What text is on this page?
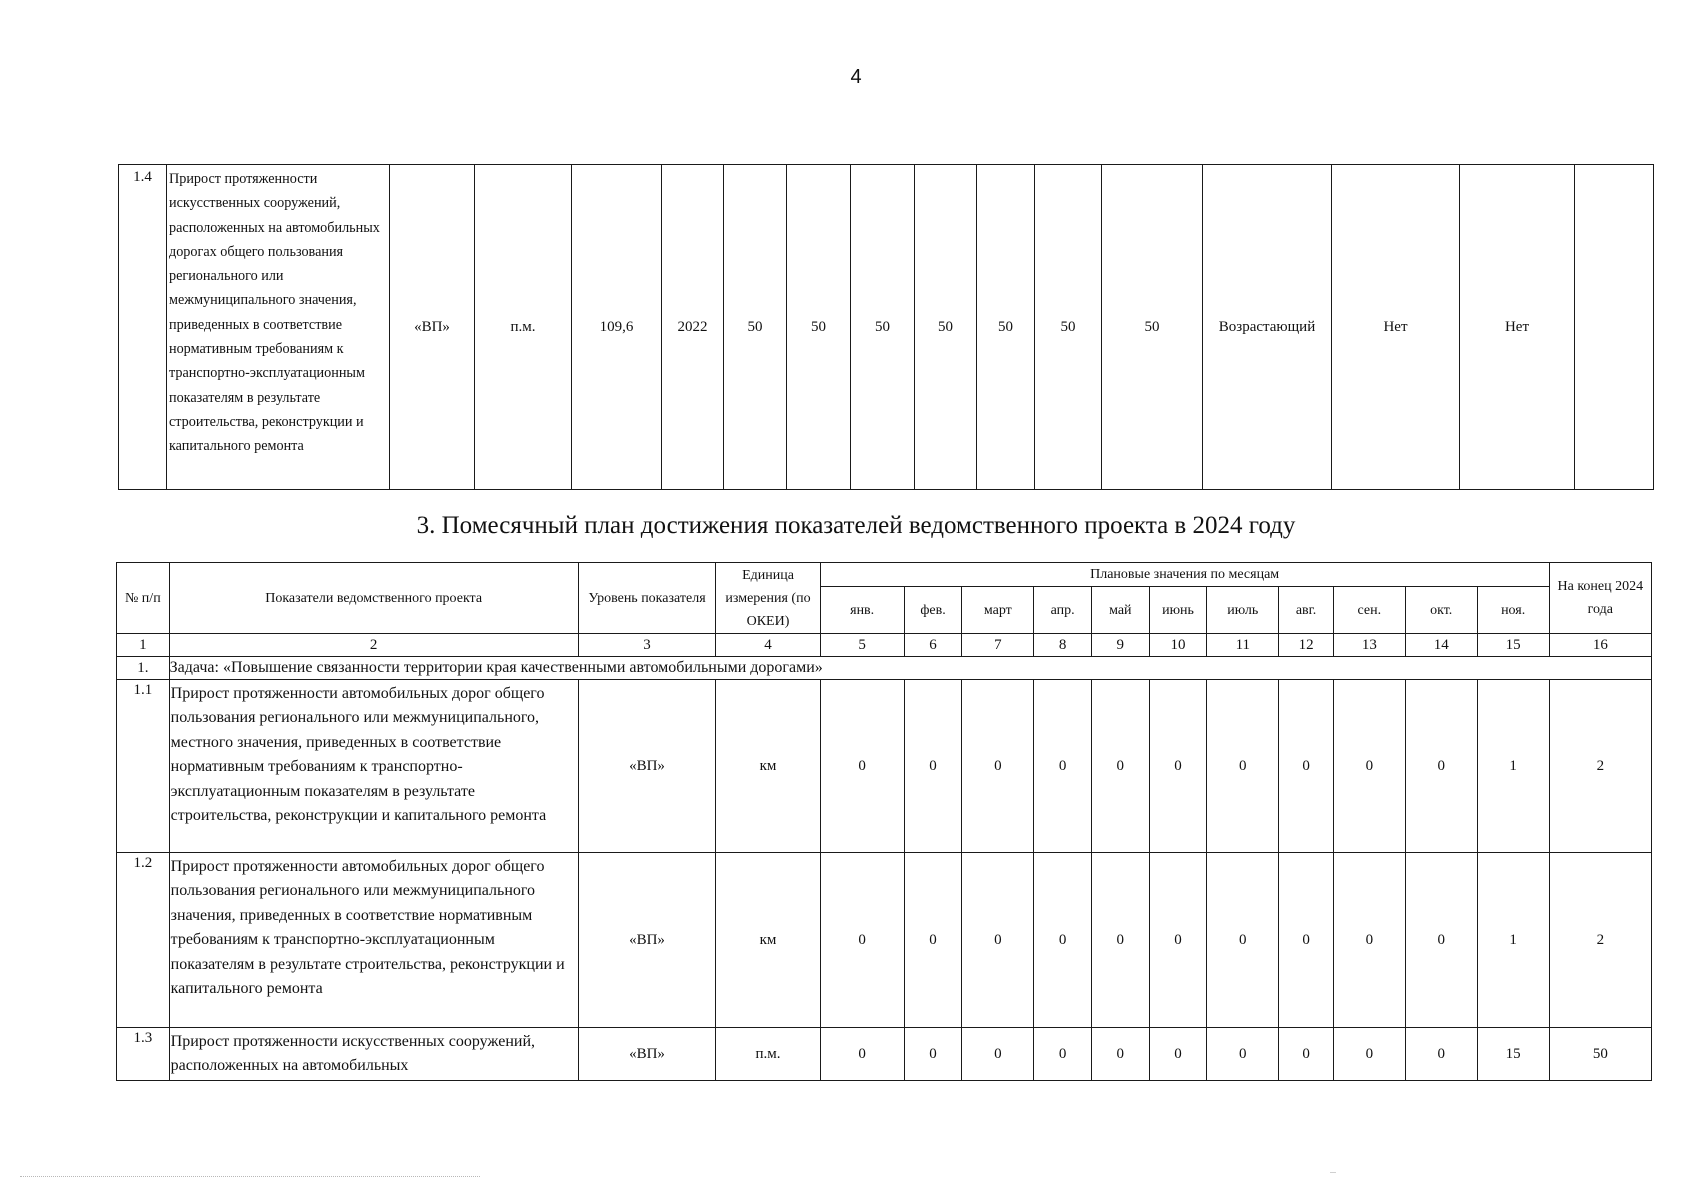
4
1.4	Прирост протяженности искусственных сооружений, расположенных на автомобильных дорогах общего пользования регионального или межмуниципального значения, приведенных в соответствие нормативным требованиям к транспортно-эксплуатационным показателям в результате строительства, реконструкции и капитального ремонта	«ВП»	п.м.	109,6	2022	50	50	50	50	50	50	50	Возрастающий	Нет	Нет	
3. Помесячный план достижения показателей ведомственного проекта в 2024 году
№ п/п	Показатели ведомственного проекта	Уровень показателя	Единица измерения (по ОКЕИ)	Плановые значения по месяцам											На конец 2024 года
				янв.	фев.	март	апр.	май	июнь	июль	авг.	сен.	окт.	ноя.	
1	2	3	4	5	6	7	8	9	10	11	12	13	14	15	16
1.	Задача: «Повышение связанности территории края качественными автомобильными дорогами»														
1.1	Прирост протяженности автомобильных дорог общего пользования регионального или межмуниципального, местного значения, приведенных в соответствие нормативным требованиям к транспортно-эксплуатационным показателям в результате строительства, реконструкции и капитального ремонта	«ВП»	км	0	0	0	0	0	0	0	0	0	0	1	2
1.2	Прирост протяженности автомобильных дорог общего пользования регионального или межмуниципального значения, приведенных в соответствие нормативным требованиям к транспортно-эксплуатационным показателям в результате строительства, реконструкции и капитального ремонта	«ВП»	км	0	0	0	0	0	0	0	0	0	0	1	2
1.3	Прирост протяженности искусственных сооружений, расположенных на автомобильных	«ВП»	п.м.	0	0	0	0	0	0	0	0	0	0	15	50
